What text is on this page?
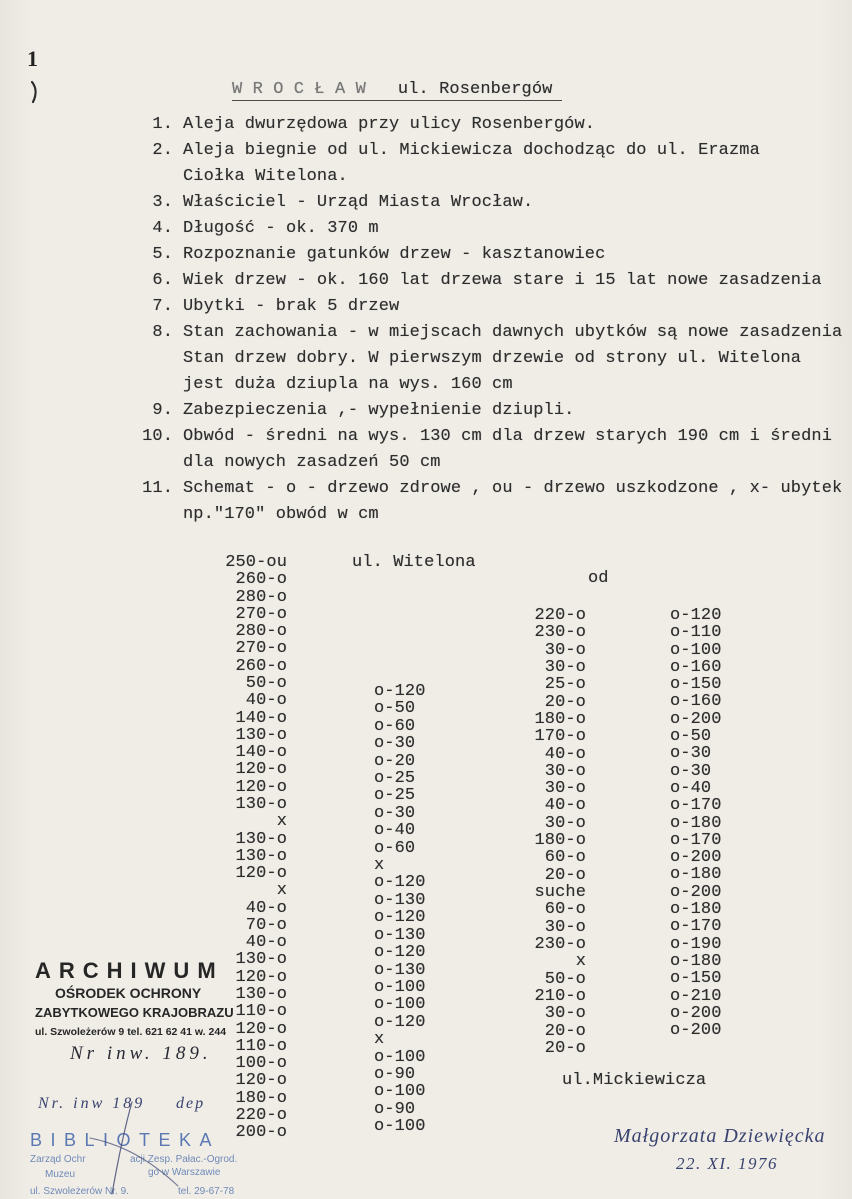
1
W R O C Ł A W ul. Rosenbergów
1. Aleja dwurzędowa przy ulicy Rosenbergów.
2. Aleja biegnie od ul. Mickiewicza dochodząc do ul. Erazma
Ciołka Witelona.
3. Właściciel - Urząd Miasta Wrocław.
4. Długość - ok. 370 m
5. Rozpoznanie gatunków drzew - kasztanowiec
6. Wiek drzew - ok. 160 lat drzewa stare i 15 lat nowe zasadzenia
7. Ubytki - brak 5 drzew
8. Stan zachowania - w miejscach dawnych ubytków są nowe zasadzenia
Stan drzew dobry. W pierwszym drzewie od strony ul. Witelona
jest duża dziupla na wys. 160 cm
9. Zabezpieczenia ,- wypełnienie dziupli.
10. Obwód - średni na wys. 130 cm dla drzew starych 190 cm i średni
dla nowych zasadzeń 50 cm
11. Schemat - o - drzewo zdrowe , ou - drzewo uszkodzone , x- ubytek
np."170" obwód w cm
ul. Witelona
od
ul.Mickiewicza
250-ou
260-o
280-o
270-o
280-o
270-o
260-o
50-o
40-o
140-o
130-o
140-o
120-o
120-o
130-o
x
130-o
130-o
120-o
x
40-o
70-o
40-o
130-o
120-o
130-o
110-o
120-o
110-o
100-o
120-o
180-o
220-o
200-o
o-120
o-50
o-60
o-30
o-20
o-25
o-25
o-30
o-40
o-60
x
o-120
o-130
o-120
o-130
o-120
o-130
o-100
o-100
o-120
x
o-100
o-90
o-100
o-90
o-100
220-o
230-o
30-o
30-o
25-o
20-o
180-o
170-o
40-o
30-o
30-o
40-o
30-o
180-o
60-o
20-o
suche
60-o
30-o
230-o
x
50-o
210-o
30-o
20-o
20-o
o-120
o-110
o-100
o-160
o-150
o-160
o-200
o-50
o-30
o-30
o-40
o-170
o-180
o-170
o-200
o-180
o-200
o-180
o-170
o-190
o-180
o-150
o-210
o-200
o-200
ARCHIWUM
OŚRODEK OCHRONY
ZABYTKOWEGO KRAJOBRAZU
ul. Szwoleżerów 9 tel. 621 62 41 w. 244
BIBLIOTEKA
Zarząd Ochr	acji Zesp. Pałac.-Ogrod.
Muzeu	go w Warszawie
ul. Szwoleżerów Nr. 9.	tel. 29-67-78
Nr inw. 189.
Nr. inw 189 dep
Małgorzata Dziewięcka
22. XI. 1976
